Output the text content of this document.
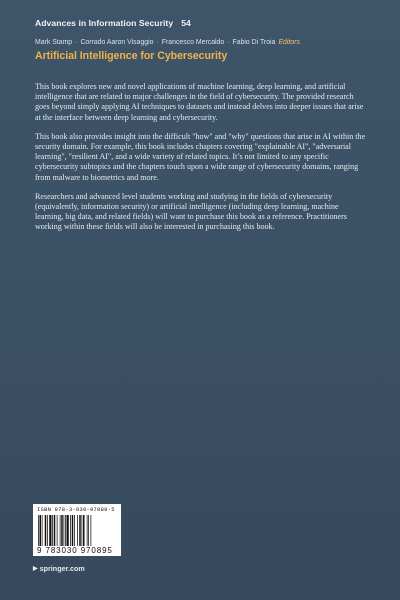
Advances in Information Security 54
Mark Stamp · Corrado Aaron Visaggio · Francesco Mercaldo · Fabio Di Troia Editors
Artificial Intelligence for Cybersecurity

This book explores new and novel applications of machine learning, deep learning, and artificial intelligence that are related to major challenges in the field of cybersecurity. The provided research goes beyond simply applying AI techniques to datasets and instead delves into deeper issues that arise at the interface between deep learning and cybersecurity.

This book also provides insight into the difficult "how" and "why" questions that arise in AI within the security domain. For example, this book includes chapters covering "explainable AI", "adversarial learning", "resilient AI", and a wide variety of related topics. It’s not limited to any specific cybersecurity subtopics and the chapters touch upon a wide range of cybersecurity domains, ranging from malware to biometrics and more.

Researchers and advanced level students working and studying in the fields of cybersecurity (equivalently, information security) or artificial intelligence (including deep learning, machine learning, big data, and related fields) will want to purchase this book as a reference. Practitioners working within these fields will also be interested in purchasing this book.

ISBN 978-3-030-97089-5
9 783030 970895
▶ springer.com
